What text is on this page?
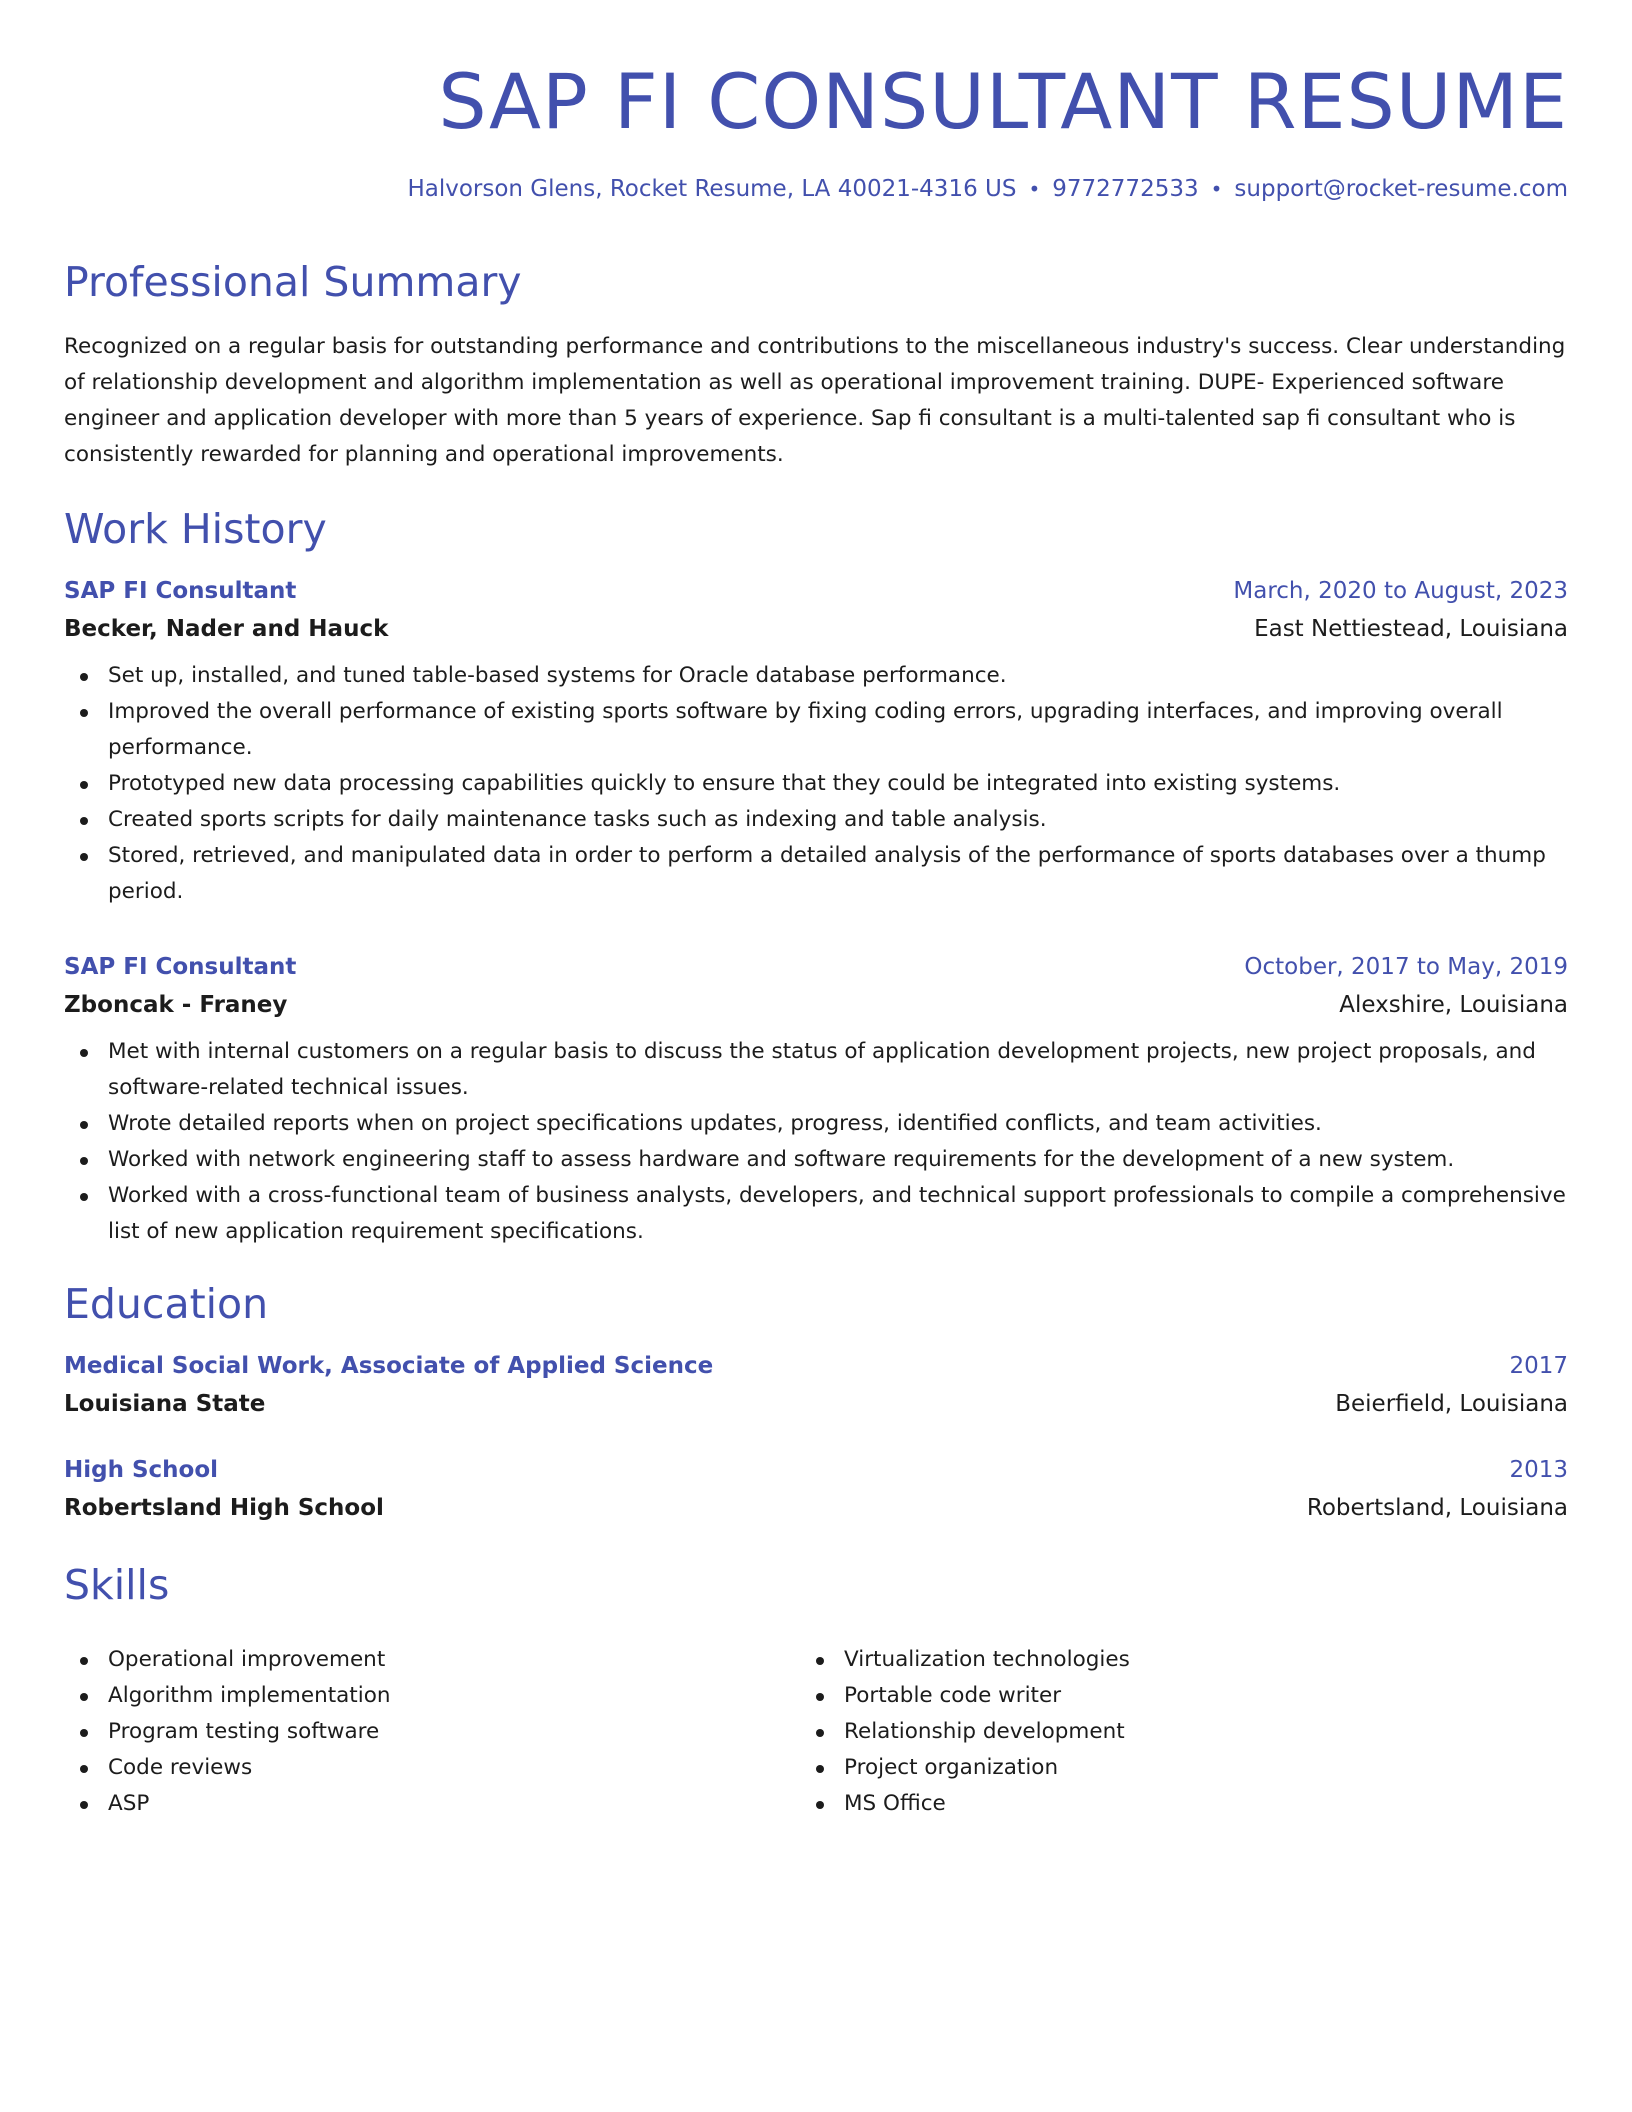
SAP FI CONSULTANT RESUME
Halvorson Glens, Rocket Resume, LA 40021-4316 US • 9772772533 • support@rocket-resume.com
Professional Summary

Recognized on a regular basis for outstanding performance and contributions to the miscellaneous industry's success. Clear understanding of relationship development and algorithm implementation as well as operational improvement training. DUPE- Experienced software engineer and application developer with more than 5 years of experience. Sap fi consultant is a multi-talented sap fi consultant who is consistently rewarded for planning and operational improvements.

Work History
SAP FI Consultant	March, 2020 to August, 2023
Becker, Nader and Hauck	East Nettiestead, Louisiana
Set up, installed, and tuned table-based systems for Oracle database performance.
Improved the overall performance of existing sports software by fixing coding errors, upgrading interfaces, and improving overall performance.
Prototyped new data processing capabilities quickly to ensure that they could be integrated into existing systems.
Created sports scripts for daily maintenance tasks such as indexing and table analysis.
Stored, retrieved, and manipulated data in order to perform a detailed analysis of the performance of sports databases over a thump period.
SAP FI Consultant	October, 2017 to May, 2019
Zboncak - Franey	Alexshire, Louisiana
Met with internal customers on a regular basis to discuss the status of application development projects, new project proposals, and software-related technical issues.
Wrote detailed reports when on project specifications updates, progress, identified conflicts, and team activities.
Worked with network engineering staff to assess hardware and software requirements for the development of a new system.
Worked with a cross-functional team of business analysts, developers, and technical support professionals to compile a comprehensive list of new application requirement specifications.
Education
Medical Social Work, Associate of Applied Science	2017
Louisiana State	Beierfield, Louisiana
High School	2013
Robertsland High School	Robertsland, Louisiana
Skills
Operational improvement
Algorithm implementation
Program testing software
Code reviews
ASP
Virtualization technologies
Portable code writer
Relationship development
Project organization
MS Office
